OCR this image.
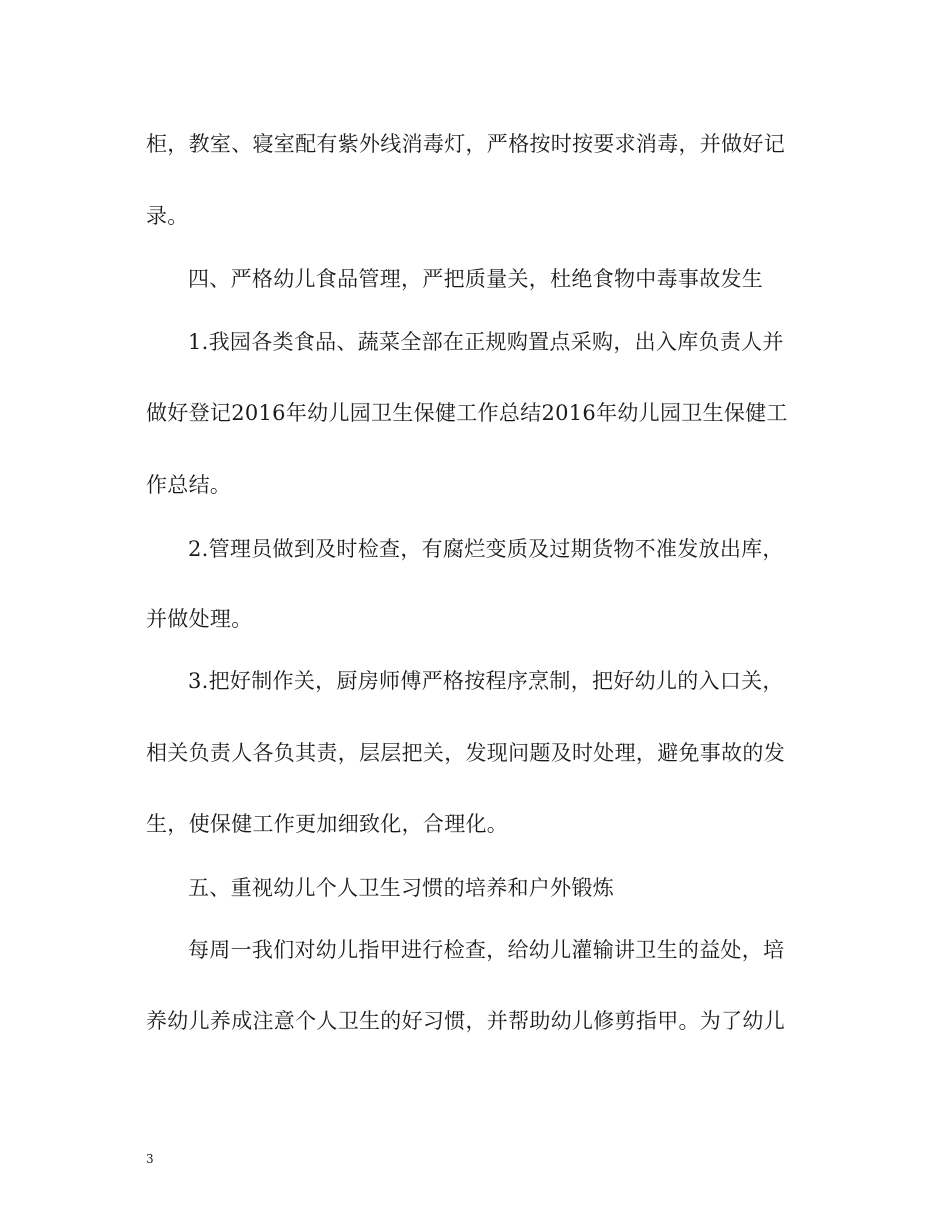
柜，教室、寝室配有紫外线消毒灯，严格按时按要求消毒，并做好记
录。
四、严格幼儿食品管理，严把质量关，杜绝食物中毒事故发生
1.我园各类食品、蔬菜全部在正规购置点采购，出入库负责人并
做好登记2016年幼儿园卫生保健工作总结2016年幼儿园卫生保健工
作总结。
2.管理员做到及时检查，有腐烂变质及过期货物不准发放出库，
并做处理。
3.把好制作关，厨房师傅严格按程序烹制，把好幼儿的入口关，
相关负责人各负其责，层层把关，发现问题及时处理，避免事故的发
生，使保健工作更加细致化，合理化。
五、重视幼儿个人卫生习惯的培养和户外锻炼
每周一我们对幼儿指甲进行检查，给幼儿灌输讲卫生的益处，培
养幼儿养成注意个人卫生的好习惯，并帮助幼儿修剪指甲。为了幼儿
3
